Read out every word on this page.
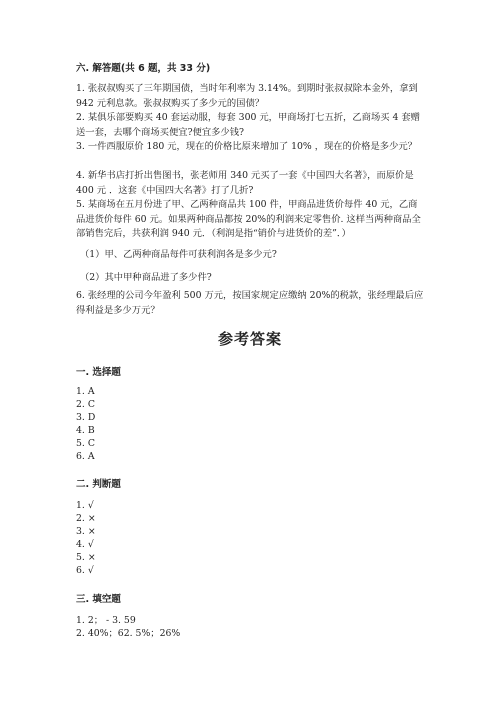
六. 解答题(共 6 题，共 33 分)
1. 张叔叔购买了三年期国债，当时年利率为 3.14%。到期时张叔叔除本金外，拿到 942 元利息款。张叔叔购买了多少元的国债？
2. 某俱乐部要购买 40 套运动服，每套 300 元，甲商场打七五折，乙商场买 4 套赠送一套，去哪个商场买便宜?便宜多少钱?
3. 一件西服原价 180 元，现在的价格比原来增加了 10% ，现在的价格是多少元？
4. 新华书店打折出售图书，张老师用 340 元买了一套《中国四大名著》，而原价是 400 元 ．这套《中国四大名著》打了几折?
5. 某商场在五月份进了甲、乙两种商品共 100 件，甲商品进货价每件 40 元，乙商品进货价每件 60 元。如果两种商品都按 20%的利润来定零售价. 这样当两种商品全部销售完后，共获利润 940 元．（利润是指“销价与进货价的差”．）
（1）甲、乙两种商品每件可获利润各是多少元?
（2）其中甲种商品进了多少件?
6. 张经理的公司今年盈利 500 万元，按国家规定应缴纳 20%的税款，张经理最后应得利益是多少万元？
参考答案
一. 选择题
1. A
2. C
3. D
4. B
5. C
6. A
二. 判断题
1. √
2. ×
3. ×
4. √
5. ×
6. √
三. 填空题
1. 2； - 3. 59
2. 40%；62. 5%；26%
